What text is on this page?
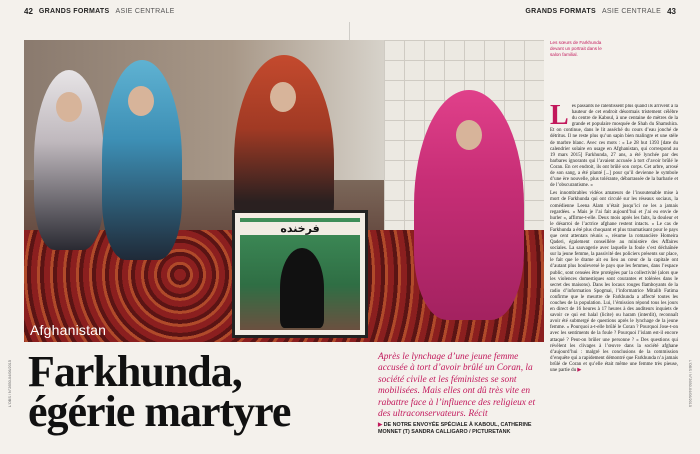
42 GRANDS FORMATS ASIE CENTRALE	GRANDS FORMATS ASIE CENTRALE 43
فرخنده
Afghanistan
Les sœurs de Farkhunda devant un portrait dans le salon familial.

Les passants ne ralentissent plus quand ils arrivent à la hauteur de cet endroit désormais tristement célèbre du centre de Kaboul, à une centaine de mètres de la grande et populaire mosquée de Shah du Shamshira. Et on continue, dans le lit asséché du cours d’eau jonché de détritus. Il ne reste plus qu’un sapin bien malingre et une stèle de marbre blanc. Avec ces mots : « Le 28 hut 1393 [date du calendrier solaire en usage en Afghanistan, qui correspond au 19 mars 2015] Farkhunda, 27 ans, a été lynchée par des barbares ignorants qui l’avaient accusée à tort d’avoir brûlé le Coran. En cet endroit, ils ont brûlé son corps. Cet arbre, arrosé de son sang, a été planté [...] pour qu’il devienne le symbole d’une ère nouvelle, plus tolérante, débarrassée de la barbarie et de l’obscurantisme. »

Les innombrables vidéos amateurs de l’insoutenable mise à mort de Farkhunda qui ont circulé sur les réseaux sociaux, la comédienne Leena Alam n’était jusqu’ici ne les a jamais regardées. « Mais je l’ai fait aujourd’hui et j’ai eu envie de hurler », affirme-t-elle. Deux mois après les faits, la douleur et le désarroi de l’actrice afghane restent intacts. « Le cas de Farkhunda a été plus choquant et plus traumatisant pour le pays que cent attentats réunis », résume la romancière Homeira Qaderi, également conseillère au ministère des Affaires sociales. La sauvagerie avec laquelle la foule s’est déchaînée sur la jeune femme, la passivité des policiers présents sur place, le fait que le drame ait eu lieu au cœur de la capitale ont d’autant plus bouleversé le pays que les femmes, dans l’espace public, sont censées être protégées par la collectivité (alors que les violences domestiques sont courantes et tolérées dans le secret des maisons). Dans les locaux rouges flamboyants de la radio d’information Spogmai, l’informatrice Mitalib Fatima confirme que le meurtre de Farkhunda a affecté toutes les couches de la population. Lui, l’émission répond tous les jours en direct de 16 heures à 17 heures à des auditeurs inquiets de savoir ce qui est halal (licite) ou haram (interdit), reconnaît avoir été submergé de questions après le lynchage de la jeune femme. « Pourquoi a-t-elle brûlé le Coran ? Pourquoi Jose-t-on avec les sentiments de la foule ? Pourquoi l’islam est-il encore attaqué ? Peut-on brûler une personne ? » Des questions qui révèlent les clivages à l’œuvre dans la société afghane d’aujourd’hui : malgré les conclusions de la commission d’enquête qui a rapidement démontré que Farkhunda n’a jamais brûlé de Coran et qu’elle était même une femme très pieuse, une partie du ▶

Farkhunda,
égérie martyre
Après le lynchage d’une jeune femme accusée à tort d’avoir brûlé un Coran, la société civile et les féministes se sont mobilisées. Mais elles ont dû très vite en rabattre face à l’influence des religieux et des ultraconservateurs. Récit
▶ DE NOTRE ENVOYÉE SPÉCIALE À KABOUL, CATHERINE MONNET (T) SANDRA CALLIGARO / PICTURETANK
L'OBS / N°2650-04/06/2015	L'OBS / N°2650-04/06/2015
